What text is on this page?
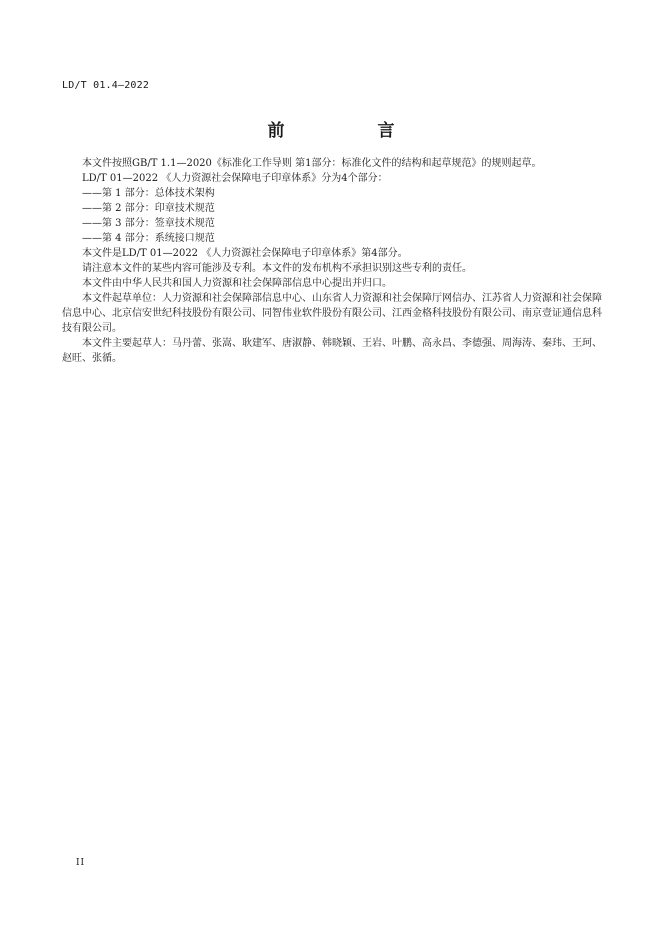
LD/T 01.4—2022
前　言

本文件按照GB/T 1.1—2020《标准化工作导则 第1部分：标准化文件的结构和起草规范》的规则起草。

LD/T 01—2022 《人力资源社会保障电子印章体系》分为4个部分：

——第 1 部分：总体技术架构

——第 2 部分：印章技术规范

——第 3 部分：签章技术规范

——第 4 部分：系统接口规范

本文件是LD/T 01—2022 《人力资源社会保障电子印章体系》第4部分。

请注意本文件的某些内容可能涉及专利。本文件的发布机构不承担识别这些专利的责任。

本文件由中华人民共和国人力资源和社会保障部信息中心提出并归口。

本文件起草单位：人力资源和社会保障部信息中心、山东省人力资源和社会保障厅网信办、江苏省人力资源和社会保障信息中心、北京信安世纪科技股份有限公司、同智伟业软件股份有限公司、江西金格科技股份有限公司、南京壹证通信息科技有限公司。

本文件主要起草人：马丹蕾、张嵩、耿建军、唐淑静、韩晓颖、王岩、叶鹏、高永昌、李德强、周海涛、秦玮、王珂、赵旺、张循。

II
